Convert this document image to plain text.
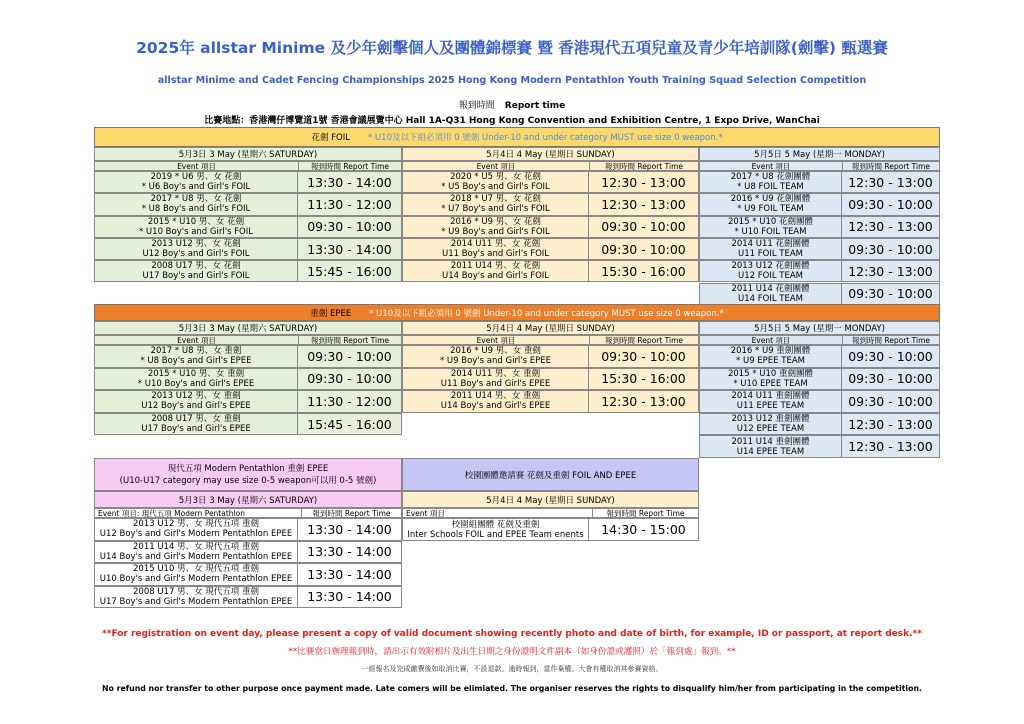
2025年 allstar Minime 及少年劍擊個人及團體錦標賽 暨 香港現代五項兒童及青少年培訓隊(劍擊) 甄選賽
allstar Minime and Cadet Fencing Championships 2025 Hong Kong Modern Pentathlon Youth Training Squad Selection Competition
報到時間 Report time
比賽地點：香港灣仔博覽道1號 香港會議展覽中心 Hall 1A-Q31 Hong Kong Convention and Exhibition Centre, 1 Expo Drive, WanChai
花劍 FOIL * U10及以下組必須用 0 號劍 Under-10 and under category MUST use size 0 weapon.*
5月3日 3 May (星期六 SATURDAY)
Event 項目	報到時間 Report Time
2019 * U6 男、女 花劍
* U6 Boy's and Girl's FOIL	13:30 - 14:00
2017 * U8 男、女 花劍
* U8 Boy's and Girl's FOIL	11:30 - 12:00
2015 * U10 男、女 花劍
* U10 Boy's and Girl's FOIL	09:30 - 10:00
2013 U12 男、女 花劍
U12 Boy's and Girl's FOIL	13:30 - 14:00
2008 U17 男、女 花劍
U17 Boy's and Girl's FOIL	15:45 - 16:00
5月4日 4 May (星期日 SUNDAY)
Event 項目	報到時間 Report Time
2020 * U5 男、女 花劍
* U5 Boy's and Girl's FOIL	12:30 - 13:00
2018 * U7 男、女 花劍
* U7 Boy's and Girl's FOIL	12:30 - 13:00
2016 * U9 男、女 花劍
* U9 Boy's and Girl's FOIL	09:30 - 10:00
2014 U11 男、女 花劍
U11 Boy's and Girl's FOIL	09:30 - 10:00
2011 U14 男、女 花劍
U14 Boy's and Girl's FOIL	15:30 - 16:00
5月5日 5 May (星期一 MONDAY)
Event 項目	報到時間 Report Time
2017 * U8 花劍團體
* U8 FOIL TEAM	12:30 - 13:00
2016 * U9 花劍團體
* U9 FOIL TEAM	09:30 - 10:00
2015 * U10 花劍團體
* U10 FOIL TEAM	12:30 - 13:00
2014 U11 花劍團體
U11 FOIL TEAM	09:30 - 10:00
2013 U12 花劍團體
U12 FOIL TEAM	12:30 - 13:00
2011 U14 花劍團體
U14 FOIL TEAM	09:30 - 10:00
重劍 EPEE * U10及以下組必須用 0 號劍 Under-10 and under category MUST use size 0 weapon.*
5月3日 3 May (星期六 SATURDAY)
Event 項目	報到時間 Report Time
2017 * U8 男、女 重劍
* U8 Boy's and Girl's EPEE	09:30 - 10:00
2015 * U10 男、女 重劍
* U10 Boy's and Girl's EPEE	09:30 - 10:00
2013 U12 男、女 重劍
U12 Boy's and Girl's EPEE	11:30 - 12:00
2008 U17 男、女 重劍
U17 Boy's and Girl's EPEE	15:45 - 16:00
5月4日 4 May (星期日 SUNDAY)
Event 項目	報到時間 Report Time
2016 * U9 男、女 重劍
* U9 Boy's and Girl's EPEE	09:30 - 10:00
2014 U11 男、女 重劍
U11 Boy's and Girl's EPEE	15:30 - 16:00
2011 U14 男、女 重劍
U14 Boy's and Girl's EPEE	12:30 - 13:00
5月5日 5 May (星期一 MONDAY)
Event 項目	報到時間 Report Time
2016 * U9 重劍團體
* U9 EPEE TEAM	09:30 - 10:00
2015 * U10 重劍團體
* U10 EPEE TEAM	09:30 - 10:00
2014 U11 重劍團體
U11 EPEE TEAM	09:30 - 10:00
2013 U12 重劍團體
U12 EPEE TEAM	12:30 - 13:00
2011 U14 重劍團體
U14 EPEE TEAM	12:30 - 13:00
現代五項 Modern Pentathlon 重劍 EPEE
(U10-U17 category may use size 0-5 weapon可以用 0-5 號劍)
5月3日 3 May (星期六 SATURDAY)
Event 項目: 現代五項 Modern Pentathlon	報到時間 Report Time
2013 U12 男、女 現代五項 重劍
U12 Boy's and Girl's Modern Pentathlon EPEE	13:30 - 14:00
2011 U14 男、女 現代五項 重劍
U14 Boy's and Girl's Modern Pentathlon EPEE	13:30 - 14:00
2015 U10 男、女 現代五項 重劍
U10 Boy's and Girl's Modern Pentathlon EPEE	13:30 - 14:00
2008 U17 男、女 現代五項 重劍
U17 Boy's and Girl's Modern Pentathlon EPEE	13:30 - 14:00
校園團體邀請賽 花劍及重劍 FOIL AND EPEE
5月4日 4 May (星期日 SUNDAY)
Event 項目	報到時間 Report Time
校園組團體 花劍及重劍
Inter Schools FOIL and EPEE Team enents	14:30 - 15:00
**For registration on event day, please present a copy of valid document showing recently photo and date of birth, for example, ID or passport, at report desk.**
**比賽當日辦理報到時，請出示有效附相片及出生日期之身份證明文件副本（如身份證或護照）於「報到處」報到。**
一經報名及完成繳費後如取消比賽，不設退款。逾時報到，當作棄權。大會有權取消其參賽資格。
No refund nor transfer to other purpose once payment made. Late comers will be elimiated. The organiser reserves the rights to disqualify him/her from participating in the competition.
